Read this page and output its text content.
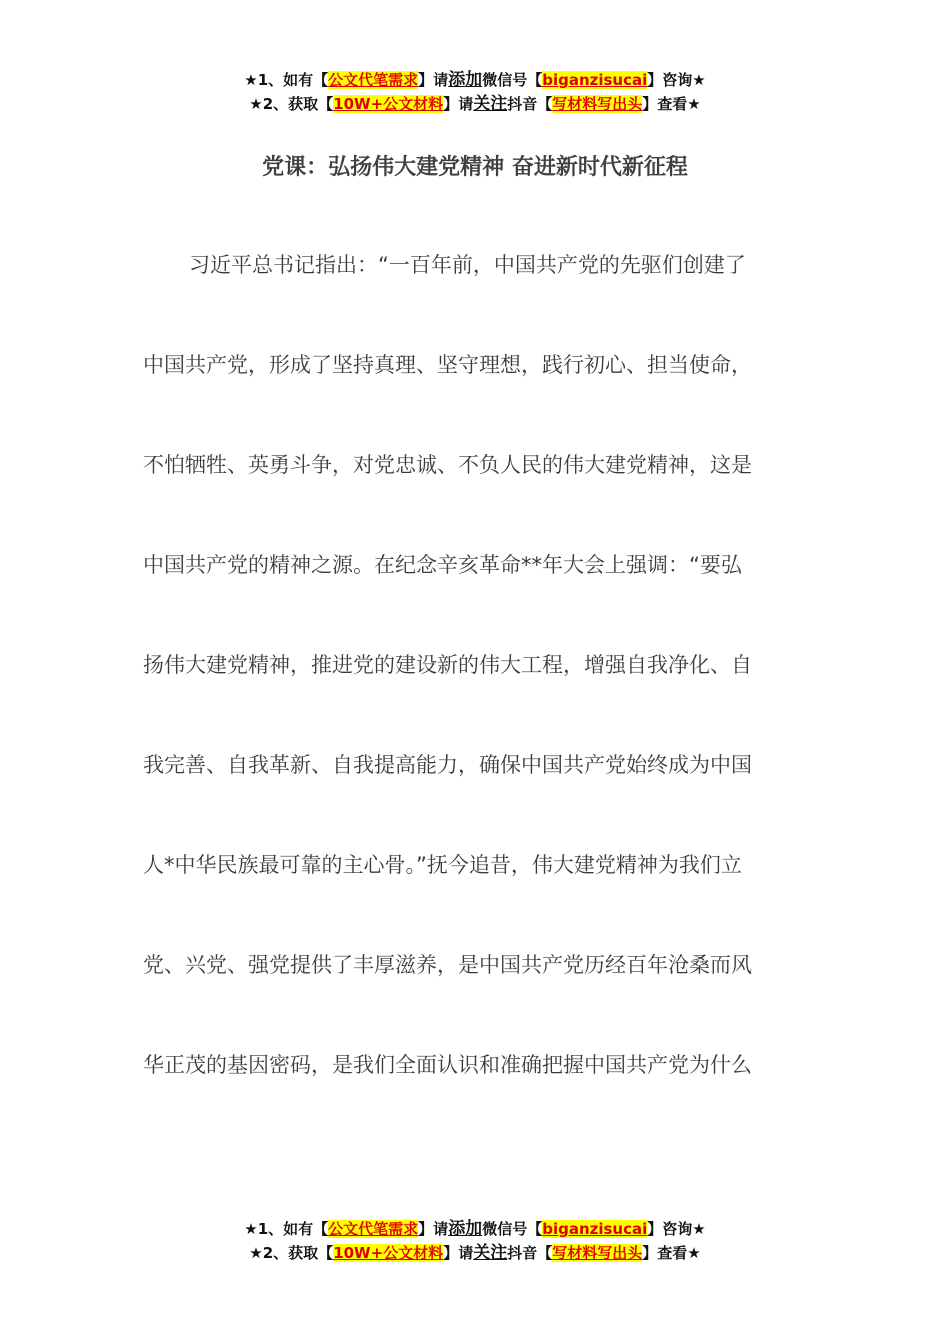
★1、如有【公文代笔需求】请添加微信号【biganzisucai】咨询★
★2、获取【10W+公文材料】请关注抖音【写材料写出头】查看★
党课：弘扬伟大建党精神 奋进新时代新征程
习近平总书记指出：“一百年前，中国共产党的先驱们创建了
中国共产党，形成了坚持真理、坚守理想，践行初心、担当使命，
不怕牺牲、英勇斗争，对党忠诚、不负人民的伟大建党精神，这是
中国共产党的精神之源。在纪念辛亥革命**年大会上强调：“要弘
扬伟大建党精神，推进党的建设新的伟大工程，增强自我净化、自
我完善、自我革新、自我提高能力，确保中国共产党始终成为中国
人*中华民族最可靠的主心骨。”抚今追昔，伟大建党精神为我们立
党、兴党、强党提供了丰厚滋养，是中国共产党历经百年沧桑而风
华正茂的基因密码，是我们全面认识和准确把握中国共产党为什么
★1、如有【公文代笔需求】请添加微信号【biganzisucai】咨询★
★2、获取【10W+公文材料】请关注抖音【写材料写出头】查看★
